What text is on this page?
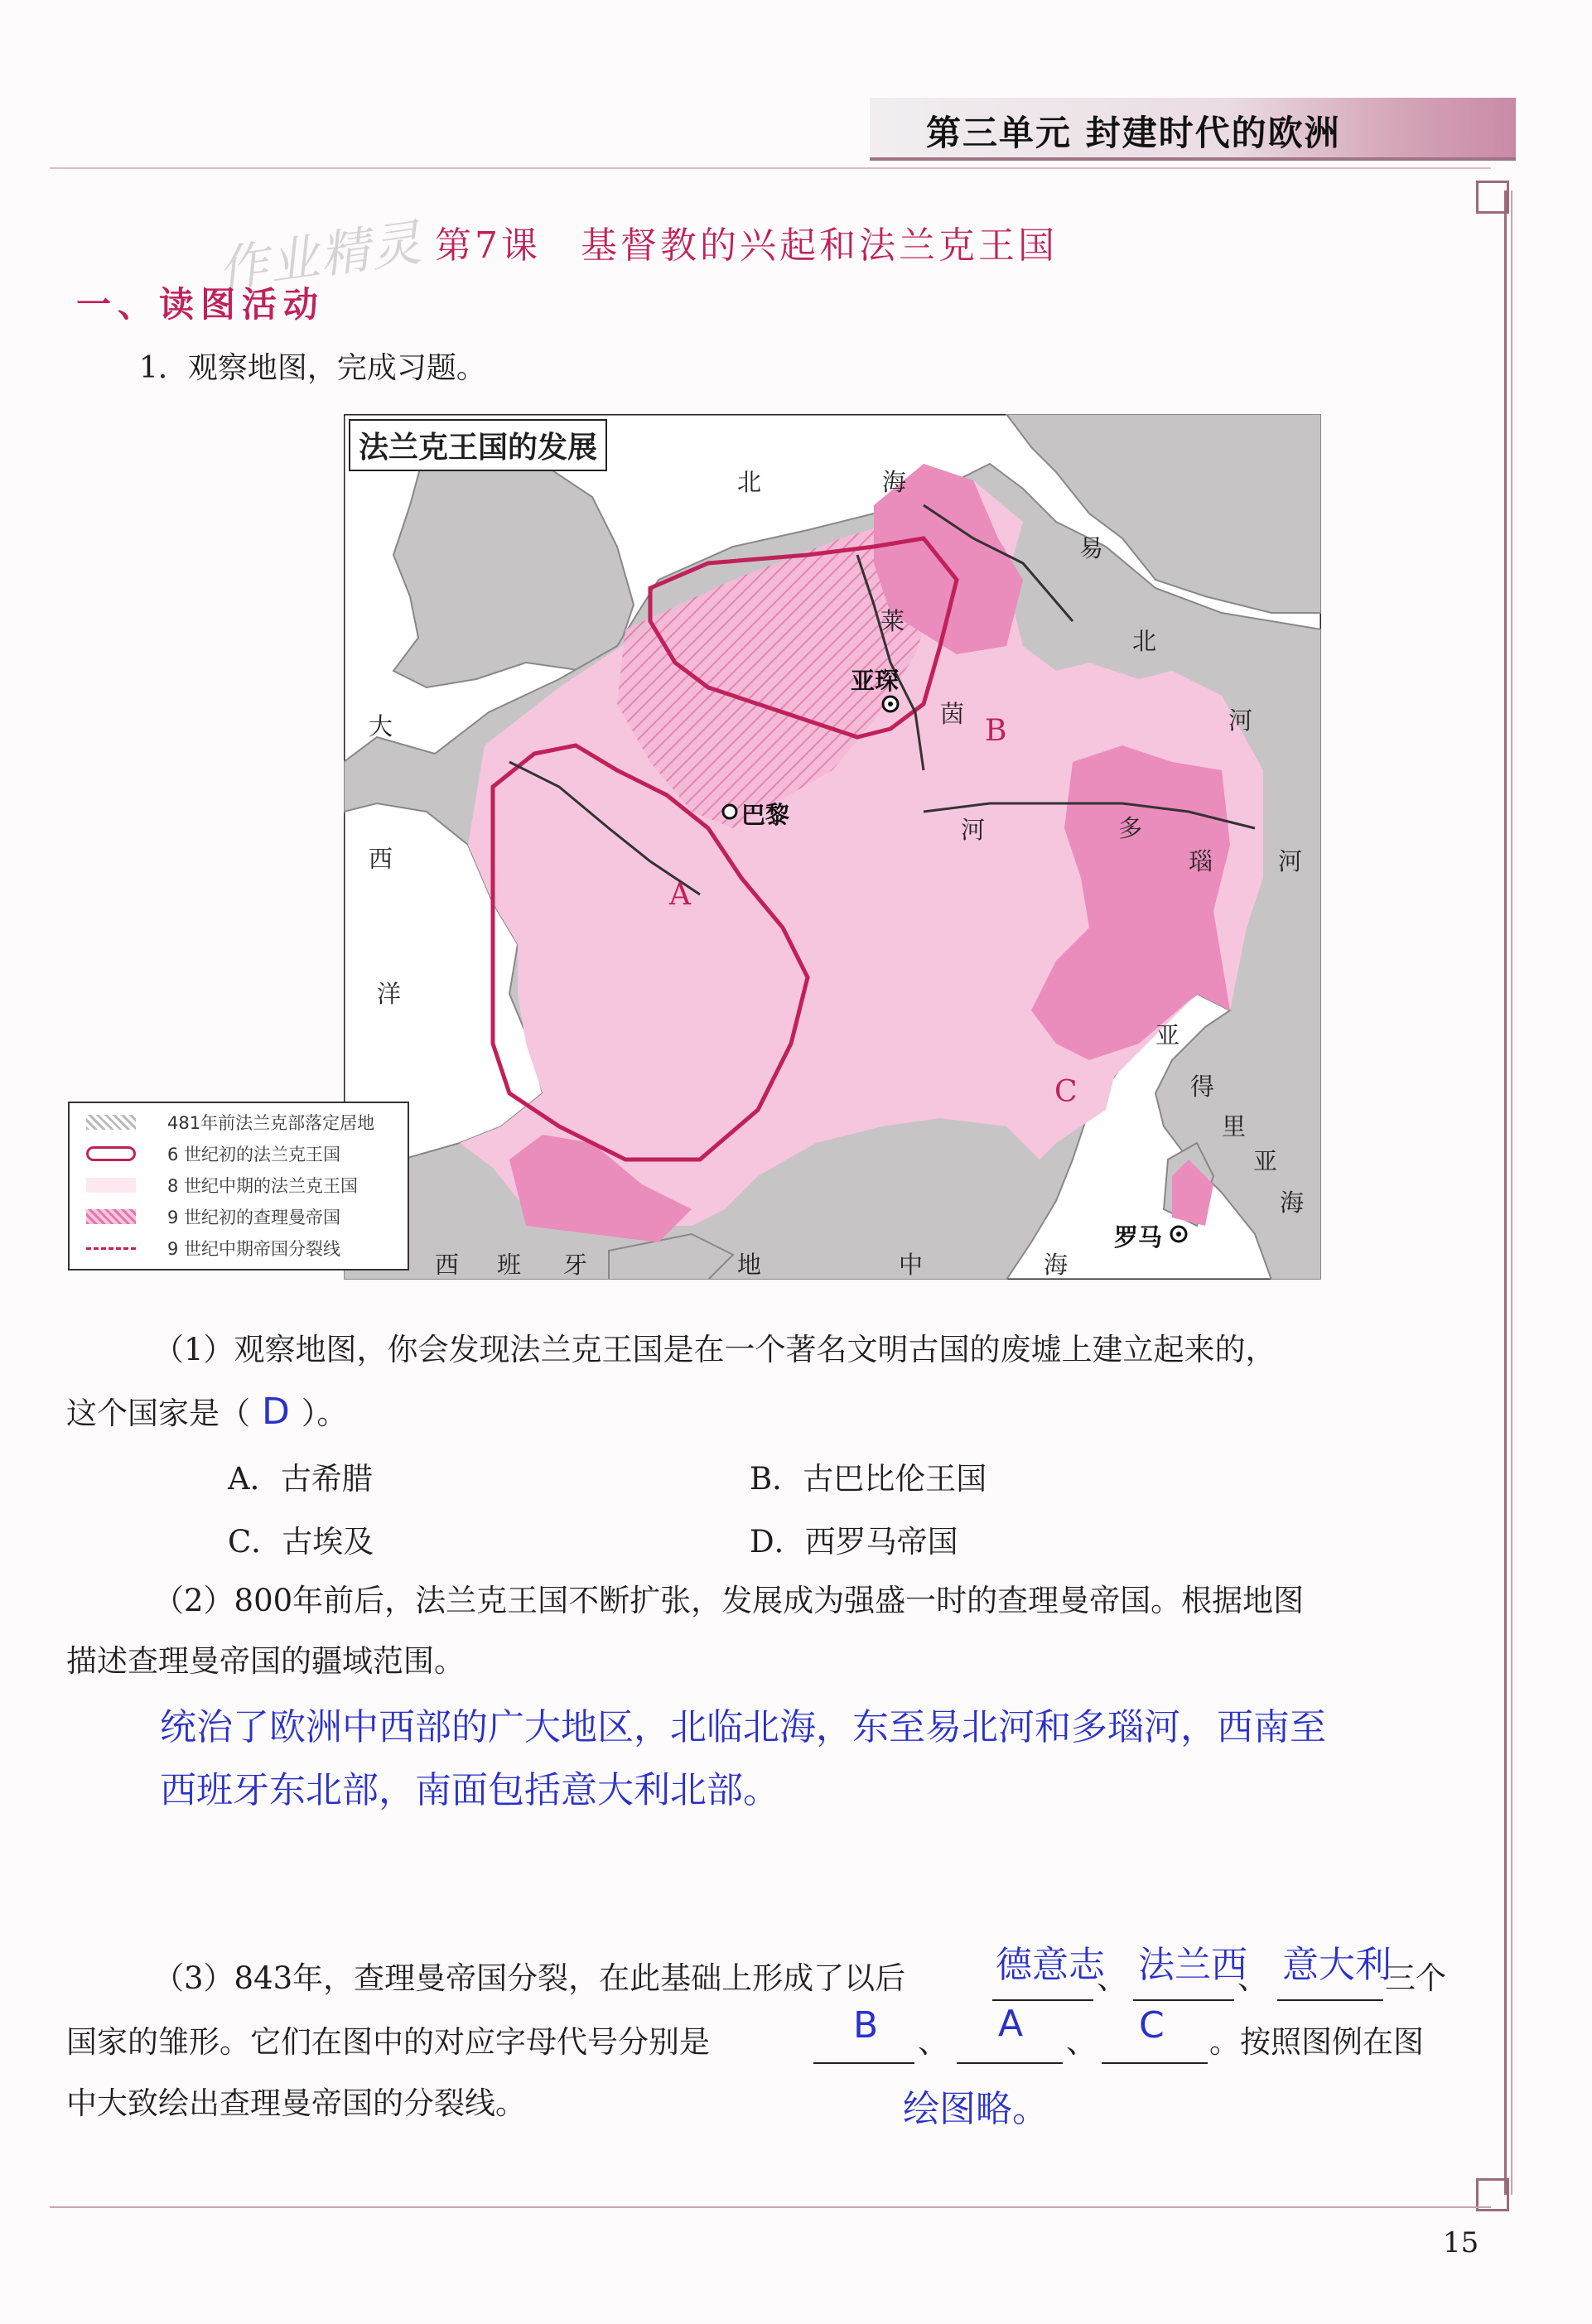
第三单元 封建时代的欧洲
作业精灵 第7课　基督教的兴起和法兰克王国
一、读图活动
1．观察地图，完成习题。
法兰克王国的发展
北	海
易
北
河
莱
茵
河
大
西
洋
多
瑙	河
亚
得
里
亚
海
西 班 牙	地	中	海
亚琛
巴黎
罗马
A
B
C
481年前法兰克部落定居地
6 世纪初的法兰克王国
8 世纪中期的法兰克王国
9 世纪初的查理曼帝国
9 世纪中期帝国分裂线
（1）观察地图，你会发现法兰克王国是在一个著名文明古国的废墟上建立起来的，
这个国家是（ D ）。
A．古希腊	B．古巴比伦王国
C．古埃及	D．西罗马帝国
（2）800年前后，法兰克王国不断扩张，发展成为强盛一时的查理曼帝国。根据地图
描述查理曼帝国的疆域范围。
统治了欧洲中西部的广大地区，北临北海，东至易北河和多瑙河，西南至
西班牙东北部，南面包括意大利北部。
（3）843年，查理曼帝国分裂，在此基础上形成了以后	、	、	三个
德意志 法兰西 意大利
国家的雏形。它们在图中的对应字母代号分别是	、	、	。按照图例在图
B	A	C
中大致绘出查理曼帝国的分裂线。	绘图略。
15
